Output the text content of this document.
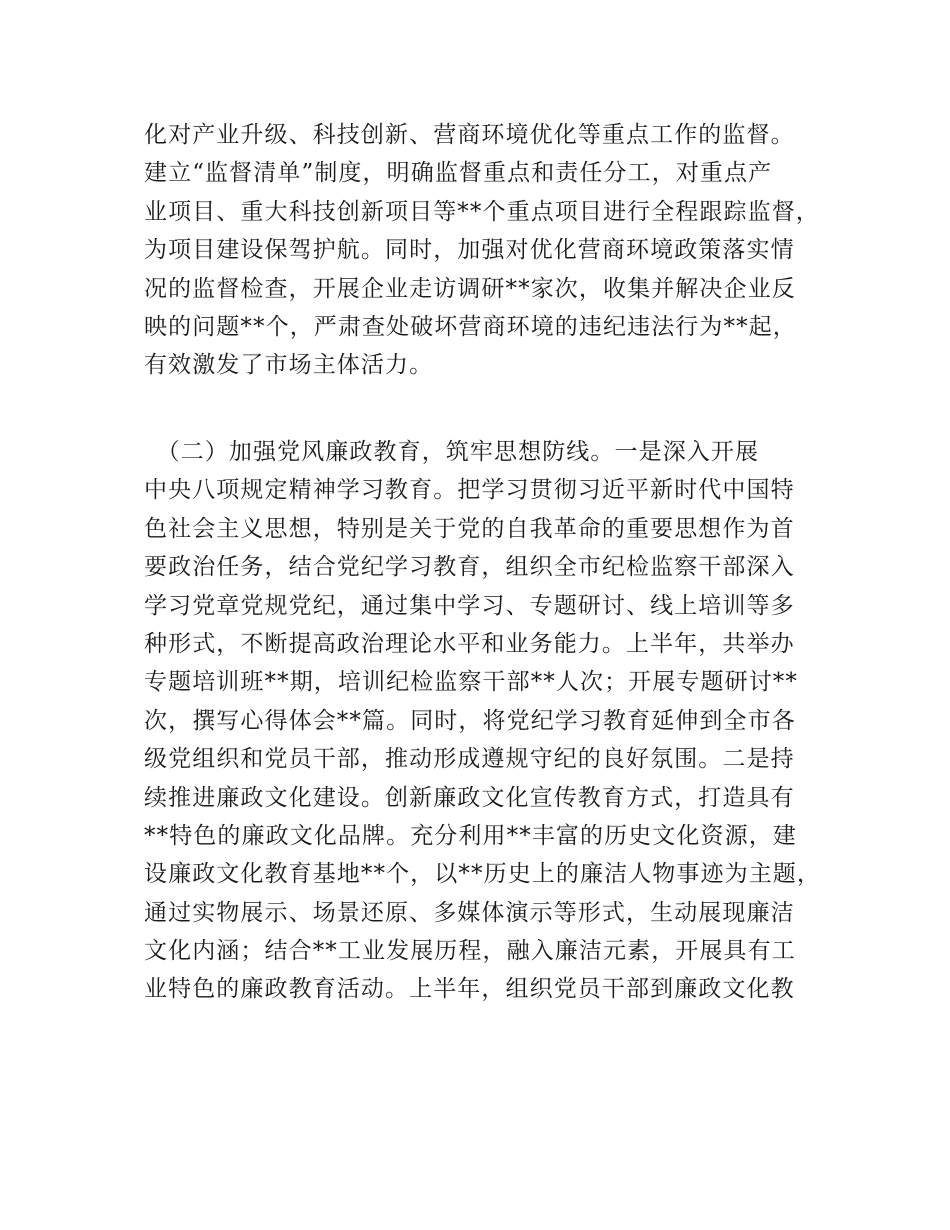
化对产业升级、科技创新、营商环境优化等重点工作的监督。
建立“监督清单”制度，明确监督重点和责任分工，对重点产
业项目、重大科技创新项目等**个重点项目进行全程跟踪监督，
为项目建设保驾护航。同时，加强对优化营商环境政策落实情
况的监督检查，开展企业走访调研**家次，收集并解决企业反
映的问题**个，严肃查处破坏营商环境的违纪违法行为**起，
有效激发了市场主体活力。
　（二）加强党风廉政教育，筑牢思想防线。一是深入开展
中央八项规定精神学习教育。把学习贯彻习近平新时代中国特
色社会主义思想，特别是关于党的自我革命的重要思想作为首
要政治任务，结合党纪学习教育，组织全市纪检监察干部深入
学习党章党规党纪，通过集中学习、专题研讨、线上培训等多
种形式，不断提高政治理论水平和业务能力。上半年，共举办
专题培训班**期，培训纪检监察干部**人次；开展专题研讨**
次，撰写心得体会**篇。同时，将党纪学习教育延伸到全市各
级党组织和党员干部，推动形成遵规守纪的良好氛围。二是持
续推进廉政文化建设。创新廉政文化宣传教育方式，打造具有
**特色的廉政文化品牌。充分利用**丰富的历史文化资源，建
设廉政文化教育基地**个，以**历史上的廉洁人物事迹为主题，
通过实物展示、场景还原、多媒体演示等形式，生动展现廉洁
文化内涵；结合**工业发展历程，融入廉洁元素，开展具有工
业特色的廉政教育活动。上半年，组织党员干部到廉政文化教
